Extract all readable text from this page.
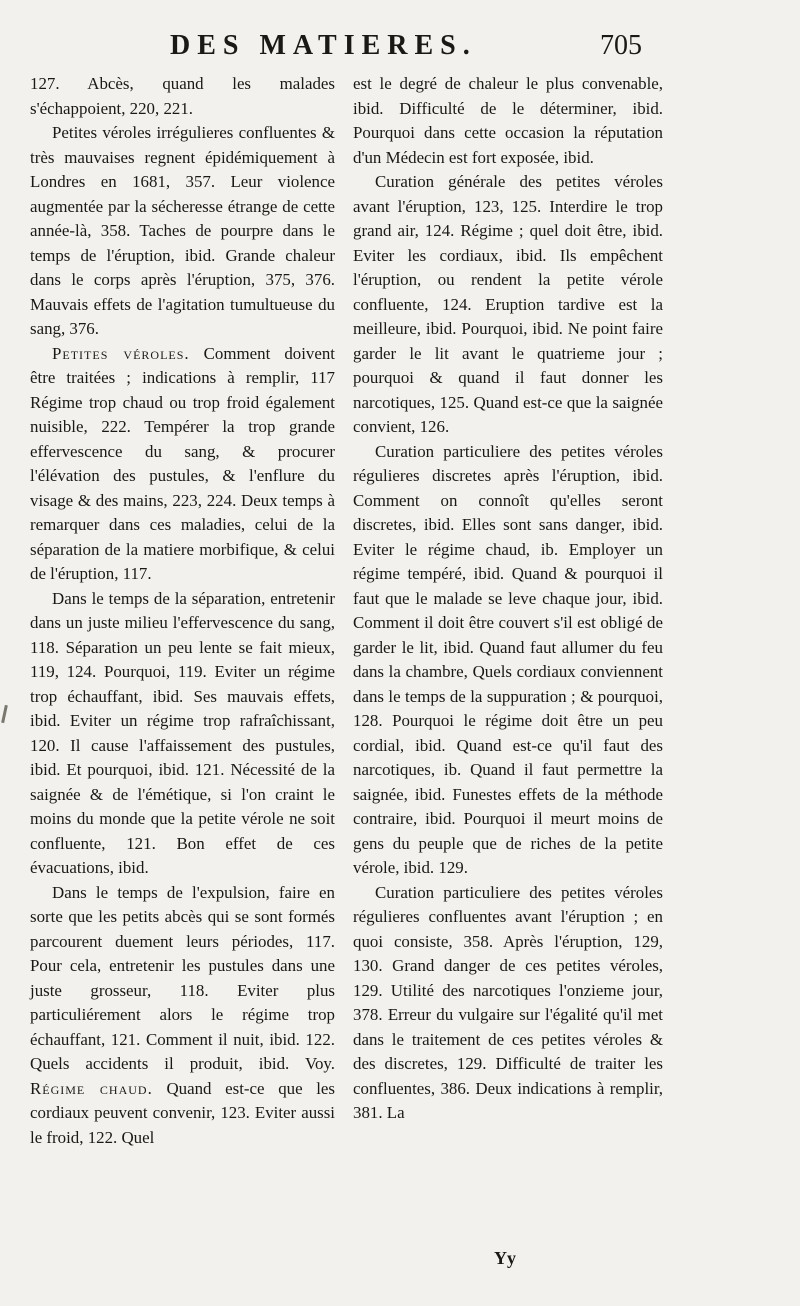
DES MATIERES.	705

127. Abcès, quand les malades s'échappoient, 220, 221.

Petites véroles irrégulieres confluentes & très mauvaises regnent épidémiquement à Londres en 1681, 357. Leur violence augmentée par la sécheresse étrange de cette année-là, 358. Taches de pourpre dans le temps de l'éruption, ibid. Grande chaleur dans le corps après l'éruption, 375, 376. Mauvais effets de l'agitation tumultueuse du sang, 376.

Petites véroles. Comment doivent être traitées ; indications à remplir, 117 Régime trop chaud ou trop froid également nuisible, 222. Tempérer la trop grande effervescence du sang, & procurer l'élévation des pustules, & l'enflure du visage & des mains, 223, 224. Deux temps à remarquer dans ces maladies, celui de la séparation de la matiere morbifique, & celui de l'éruption, 117.

Dans le temps de la séparation, entretenir dans un juste milieu l'effervescence du sang, 118. Séparation un peu lente se fait mieux, 119, 124. Pourquoi, 119. Eviter un régime trop échauffant, ibid. Ses mauvais effets, ibid. Eviter un régime trop rafraîchissant, 120. Il cause l'affaissement des pustules, ibid. Et pourquoi, ibid. 121. Nécessité de la saignée & de l'émétique, si l'on craint le moins du monde que la petite vérole ne soit confluente, 121. Bon effet de ces évacuations, ibid.

Dans le temps de l'expulsion, faire en sorte que les petits abcès qui se sont formés parcourent duement leurs périodes, 117. Pour cela, entretenir les pustules dans une juste grosseur, 118. Eviter plus particuliérement alors le régime trop échauffant, 121. Comment il nuit, ibid. 122. Quels accidents il produit, ibid. Voy. Régime chaud. Quand est-ce que les cordiaux peuvent convenir, 123. Eviter aussi le froid, 122. Quel

est le degré de chaleur le plus convenable, ibid. Difficulté de le déterminer, ibid. Pourquoi dans cette occasion la réputation d'un Médecin est fort exposée, ibid.

Curation générale des petites véroles avant l'éruption, 123, 125. Interdire le trop grand air, 124. Régime ; quel doit être, ibid. Eviter les cordiaux, ibid. Ils empêchent l'éruption, ou rendent la petite vérole confluente, 124. Eruption tardive est la meilleure, ibid. Pourquoi, ibid. Ne point faire garder le lit avant le quatrieme jour ; pourquoi & quand il faut donner les narcotiques, 125. Quand est-ce que la saignée convient, 126.

Curation particuliere des petites véroles régulieres discretes après l'éruption, ibid. Comment on connoît qu'elles seront discretes, ibid. Elles sont sans danger, ibid. Eviter le régime chaud, ib. Employer un régime tempéré, ibid. Quand & pourquoi il faut que le malade se leve chaque jour, ibid. Comment il doit être couvert s'il est obligé de garder le lit, ibid. Quand faut allumer du feu dans la chambre, Quels cordiaux conviennent dans le temps de la suppuration ; & pourquoi, 128. Pourquoi le régime doit être un peu cordial, ibid. Quand est-ce qu'il faut des narcotiques, ib. Quand il faut permettre la saignée, ibid. Funestes effets de la méthode contraire, ibid. Pourquoi il meurt moins de gens du peuple que de riches de la petite vérole, ibid. 129.

Curation particuliere des petites véroles régulieres confluentes avant l'éruption ; en quoi consiste, 358. Après l'éruption, 129, 130. Grand danger de ces petites véroles, 129. Utilité des narcotiques l'onzieme jour, 378. Erreur du vulgaire sur l'égalité qu'il met dans le traitement de ces petites véroles & des discretes, 129. Difficulté de traiter les confluentes, 386. Deux indications à remplir, 381. La

Yy
